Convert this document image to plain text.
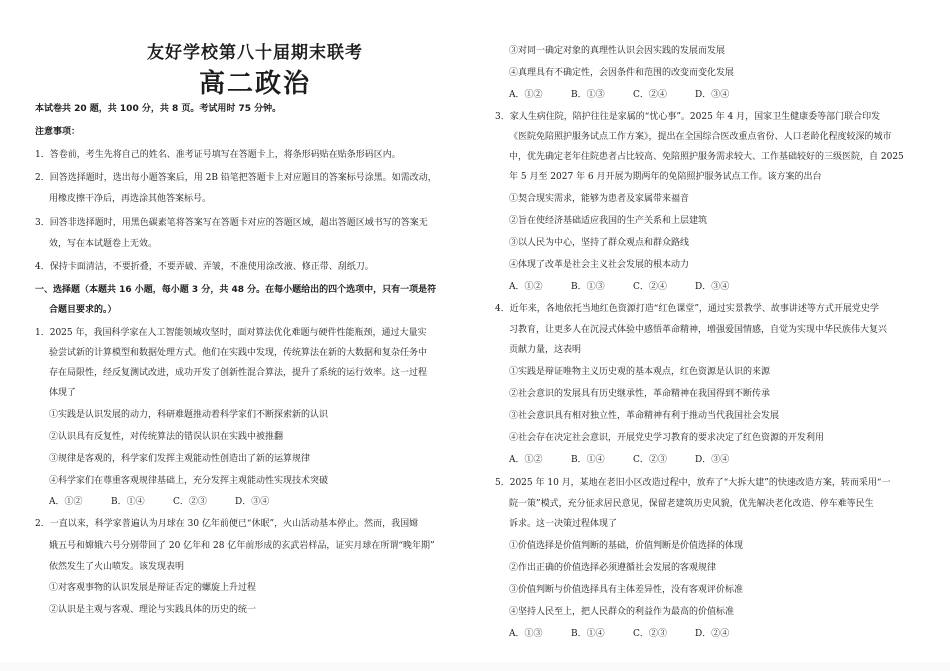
友好学校第八十届期末联考
高二政治
本试卷共 20 题，共 100 分，共 8 页。考试用时 75 分钟。
注意事项：
1．答卷前，考生先将自己的姓名、准考证号填写在答题卡上，将条形码贴在贴条形码区内。
2．回答选择题时，选出每小题答案后，用 2B 铅笔把答题卡上对应题目的答案标号涂黑。如需改动，
用橡皮擦干净后，再选涂其他答案标号。
3．回答非选择题时，用黑色碳素笔将答案写在答题卡对应的答题区域，超出答题区域书写的答案无
效，写在本试题卷上无效。
4．保持卡面清洁，不要折叠，不要弄破、弄皱，不准使用涂改液、修正带、刮纸刀。
一、选择题（本题共 16 小题，每小题 3 分，共 48 分。在每小题给出的四个选项中，只有一项是符
合题目要求的。）
1．2025 年，我国科学家在人工智能领域攻坚时，面对算法优化难题与硬件性能瓶颈，通过大量实
验尝试新的计算模型和数据处理方式。他们在实践中发现，传统算法在新的大数据和复杂任务中
存在局限性，经反复测试改进，成功开发了创新性混合算法，提升了系统的运行效率。这一过程
体现了
①实践是认识发展的动力，科研难题推动着科学家们不断探索新的认识
②认识具有反复性，对传统算法的错误认识在实践中被推翻
③规律是客观的，科学家们发挥主观能动性创造出了新的运算规律
④科学家们在尊重客观规律基础上，充分发挥主观能动性实现技术突破
A．①②	B．①④	C．②③	D．③④
2．一直以来，科学家普遍认为月球在 30 亿年前便已“休眠”，火山活动基本停止。然而，我国嫦
娥五号和嫦娥六号分别带回了 20 亿年和 28 亿年前形成的玄武岩样品，证实月球在所谓“晚年期”
依然发生了火山喷发。该发现表明
①对客观事物的认识发展是辩证否定的螺旋上升过程
②认识是主观与客观、理论与实践具体的历史的统一
③对同一确定对象的真理性认识会因实践的发展而发展
④真理具有不确定性，会因条件和范围的改变而变化发展
A．①②	B．①③	C．②④	D．③④
3．家人生病住院，陪护往往是家属的“忧心事”。2025 年 4 月，国家卫生健康委等部门联合印发
《医院免陪照护服务试点工作方案》，提出在全国综合医改重点省份、人口老龄化程度较深的城市
中，优先确定老年住院患者占比较高、免陪照护服务需求较大、工作基础较好的三级医院，自 2025
年 5 月至 2027 年 6 月开展为期两年的免陪照护服务试点工作。该方案的出台
①契合现实需求，能够为患者及家属带来福音
②旨在使经济基础适应我国的生产关系和上层建筑
③以人民为中心，坚持了群众观点和群众路线
④体现了改革是社会主义社会发展的根本动力
A．①②	B．①③	C．②④	D．③④
4．近年来，各地依托当地红色资源打造“红色课堂”，通过实景教学、故事讲述等方式开展党史学
习教育，让更多人在沉浸式体验中感悟革命精神，增强爱国情感，自觉为实现中华民族伟大复兴
贡献力量，这表明
①实践是辩证唯物主义历史观的基本观点，红色资源是认识的来源
②社会意识的发展具有历史继承性，革命精神在我国得到不断传承
③社会意识具有相对独立性，革命精神有利于推动当代我国社会发展
④社会存在决定社会意识，开展党史学习教育的要求决定了红色资源的开发利用
A．①②	B．①④	C．②③	D．③④
5．2025 年 10 月，某地在老旧小区改造过程中，放弃了“大拆大建”的快速改造方案，转而采用“一
院一策”模式，充分征求居民意见，保留老建筑历史风貌，优先解决老化改造、停车难等民生
诉求。这一决策过程体现了
①价值选择是价值判断的基础，价值判断是价值选择的体现
②作出正确的价值选择必须遵循社会发展的客观规律
③价值判断与价值选择具有主体差异性，没有客观评价标准
④坚持人民至上，把人民群众的利益作为最高的价值标准
A．①③	B．①④	C．②③	D．②④
